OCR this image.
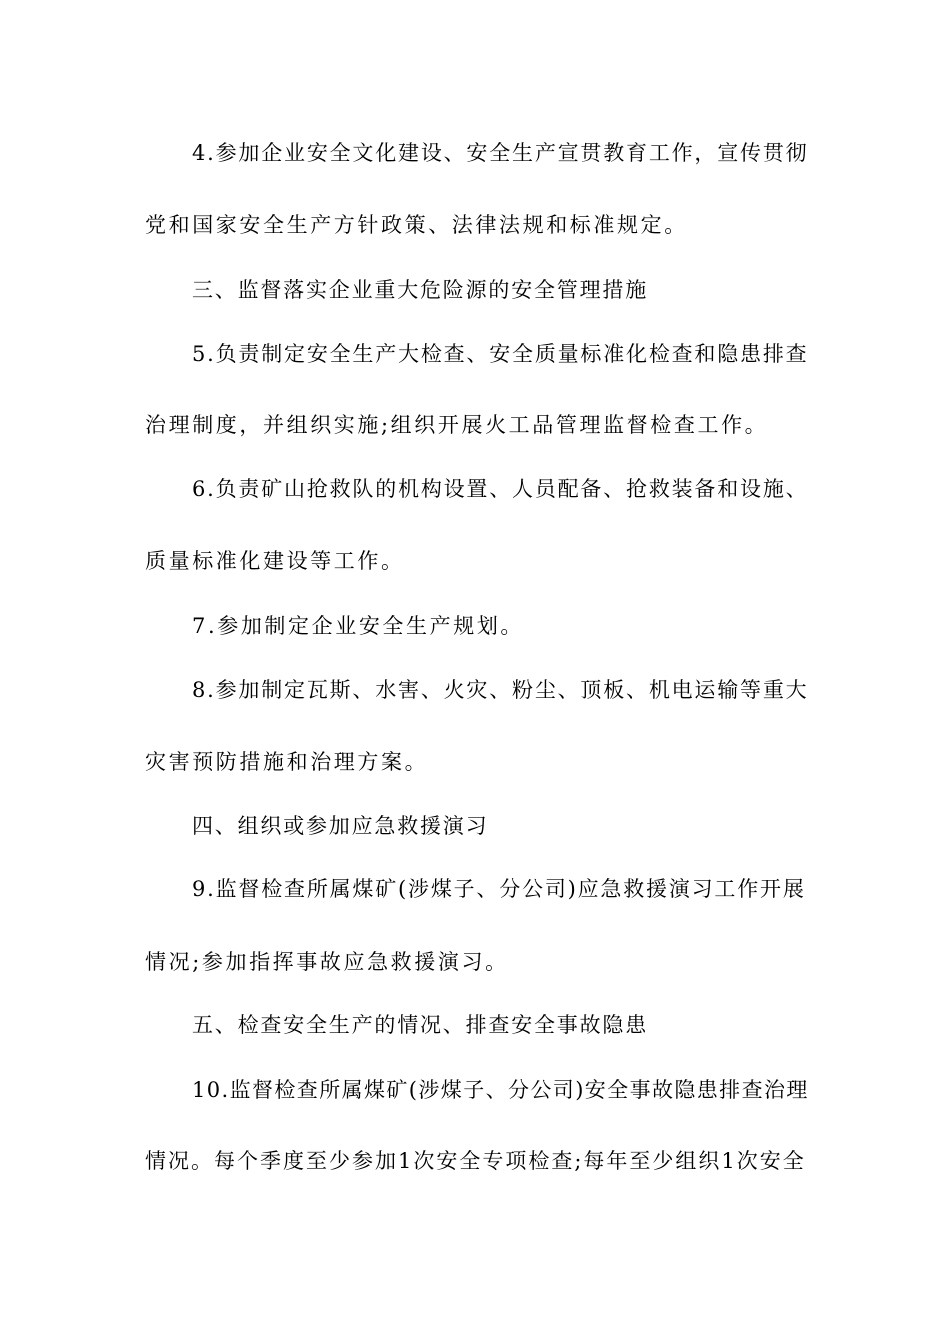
4.参加企业安全文化建设、安全生产宣贯教育工作，宣传贯彻
党和国家安全生产方针政策、法律法规和标准规定。
三、监督落实企业重大危险源的安全管理措施
5.负责制定安全生产大检查、安全质量标准化检查和隐患排查
治理制度，并组织实施;组织开展火工品管理监督检查工作。
6.负责矿山抢救队的机构设置、人员配备、抢救装备和设施、
质量标准化建设等工作。
7.参加制定企业安全生产规划。
8.参加制定瓦斯、水害、火灾、粉尘、顶板、机电运输等重大
灾害预防措施和治理方案。
四、组织或参加应急救援演习
9.监督检查所属煤矿(涉煤子、分公司)应急救援演习工作开展
情况;参加指挥事故应急救援演习。
五、检查安全生产的情况、排查安全事故隐患
10.监督检查所属煤矿(涉煤子、分公司)安全事故隐患排查治理
情况。每个季度至少参加1次安全专项检查;每年至少组织1次安全
